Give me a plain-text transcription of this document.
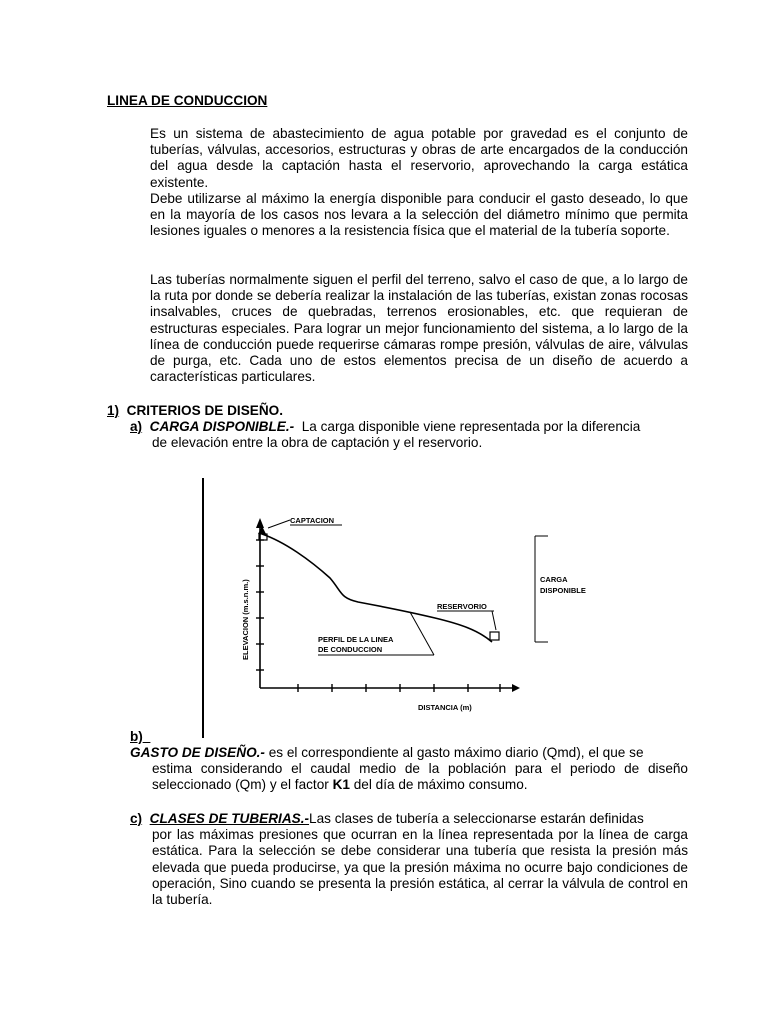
LINEA DE CONDUCCION

Es un sistema de abastecimiento de agua potable por gravedad es el conjunto de tuberías, válvulas, accesorios, estructuras y obras de arte encargados de la conducción del agua desde la captación hasta el reservorio, aprovechando la carga estática existente.

Debe utilizarse al máximo la energía disponible para conducir el gasto deseado, lo que en la mayoría de los casos nos levara a la selección del diámetro mínimo que permita lesiones iguales o menores a la resistencia física que el material de la tubería soporte.

Las tuberías normalmente siguen el perfil del terreno, salvo el caso de que, a lo largo de la ruta por donde se debería realizar la instalación de las tuberías, existan zonas rocosas insalvables, cruces de quebradas, terrenos erosionables, etc. que requieran de estructuras especiales. Para lograr un mejor funcionamiento del sistema, a lo largo de la línea de conducción puede requerirse cámaras rompe presión, válvulas de aire, válvulas de purga, etc. Cada uno de estos elementos precisa de un diseño de acuerdo a características particulares.

1) CRITERIOS DE DISEÑO.

a) CARGA DISPONIBLE.- La carga disponible viene representada por la diferencia
de elevación entre la obra de captación y el reservorio.

CAPTACION
RESERVORIO
PERFIL DE LA LINEA
DE CONDUCCION
CARGA
DISPONIBLE
ELEVACION (m.s.n.m.)
DISTANCIA (m)
b)

GASTO DE DISEÑO.- es el correspondiente al gasto máximo diario (Qmd), el que se

estima considerando el caudal medio de la población para el periodo de diseño seleccionado (Qm) y el factor K1 del día de máximo consumo.

c) CLASES DE TUBERIAS.-Las clases de tubería a seleccionarse estarán definidas

por las máximas presiones que ocurran en la línea representada por la línea de carga estática. Para la selección se debe considerar una tubería que resista la presión más elevada que pueda producirse, ya que la presión máxima no ocurre bajo condiciones de operación, Sino cuando se presenta la presión estática, al cerrar la válvula de control en la tubería.
